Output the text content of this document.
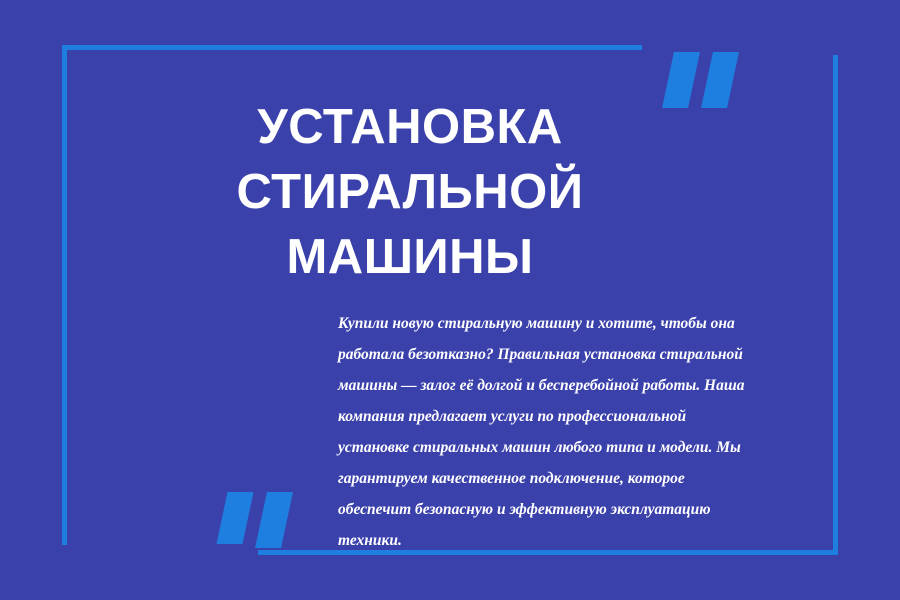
УСТАНОВКА
СТИРАЛЬНОЙ
МАШИНЫ

Купили новую стиральную машину и хотите, чтобы она работала безотказно? Правильная установка стиральной машины — залог её долгой и бесперебойной работы. Наша компания предлагает услуги по профессиональной установке стиральных машин любого типа и модели. Мы гарантируем качественное подключение, которое обеспечит безопасную и эффективную эксплуатацию техники.
